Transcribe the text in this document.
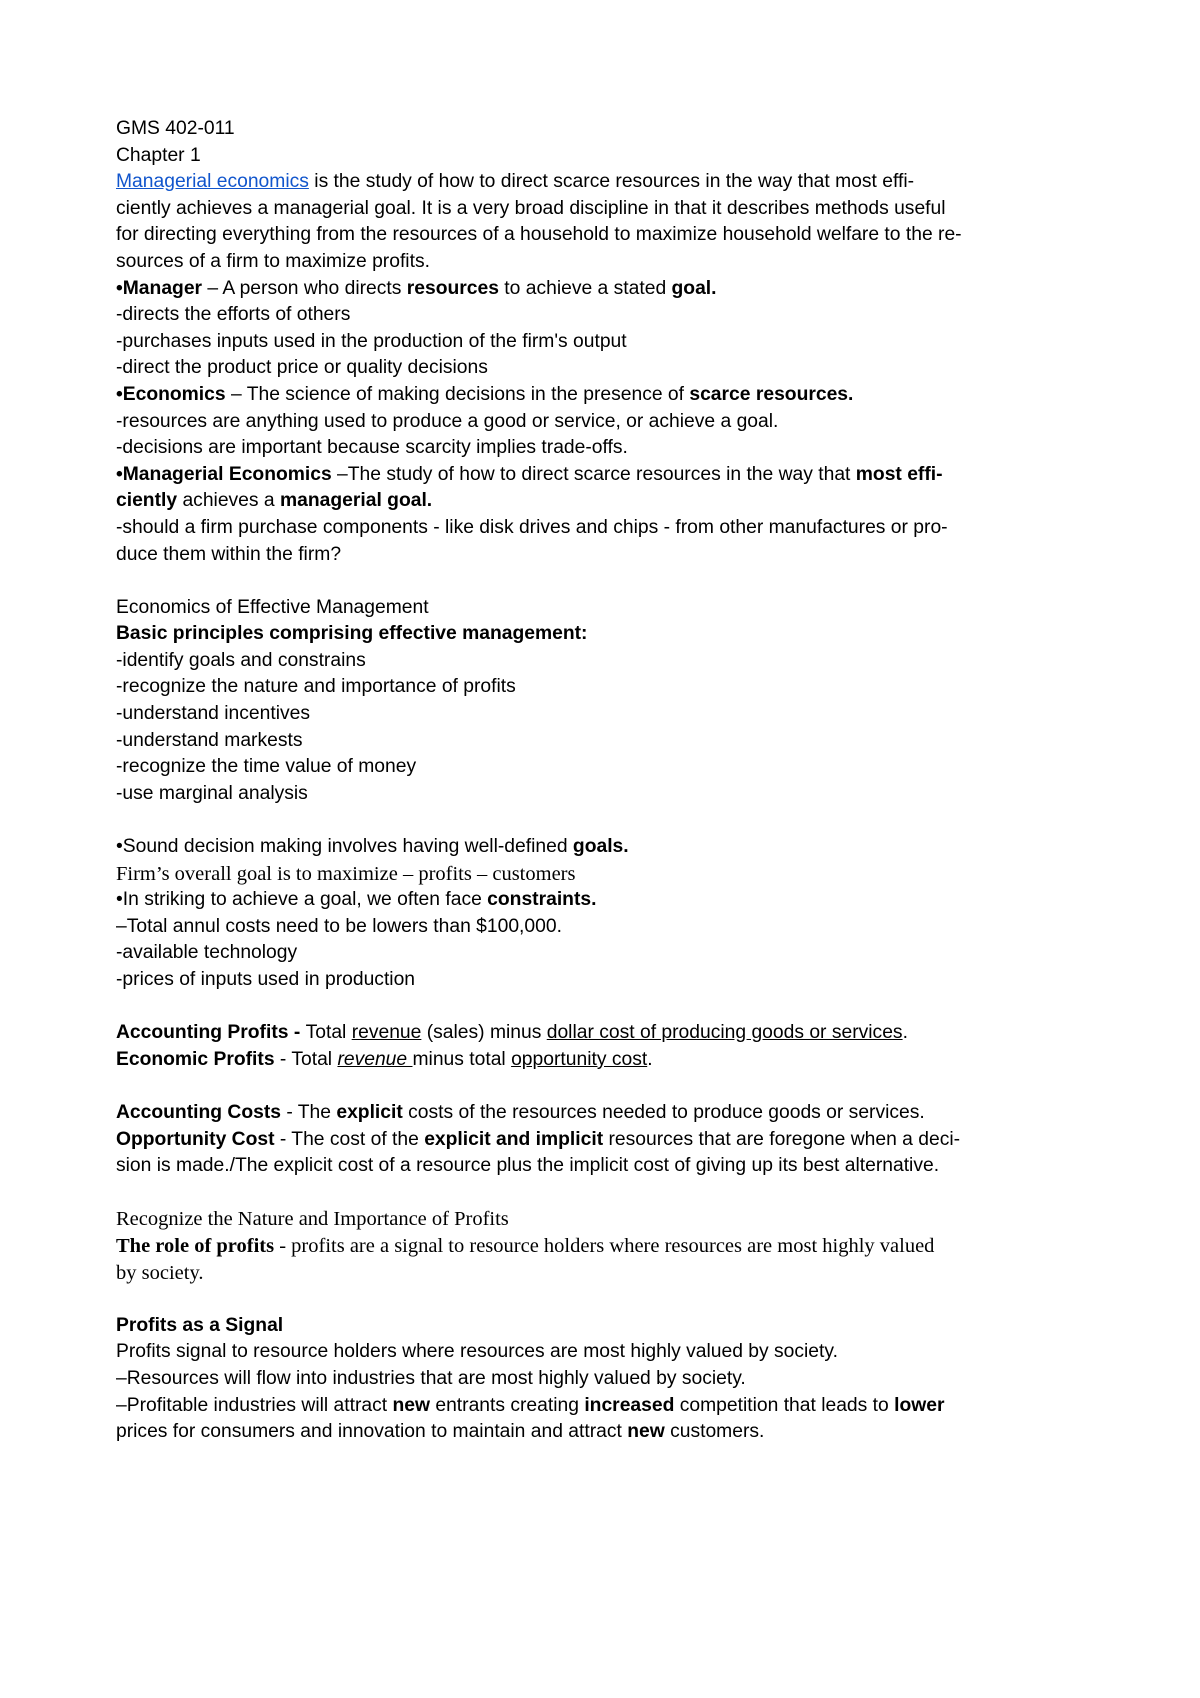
GMS 402-011
Chapter 1
Managerial economics is the study of how to direct scarce resources in the way that most effi-
ciently achieves a managerial goal. It is a very broad discipline in that it describes methods useful
for directing everything from the resources of a household to maximize household welfare to the re-
sources of a firm to maximize profits.
•Manager – A person who directs resources to achieve a stated goal.
-directs the efforts of others
-purchases inputs used in the production of the firm's output
-direct the product price or quality decisions
•Economics – The science of making decisions in the presence of scarce resources.
-resources are anything used to produce a good or service, or achieve a goal.
-decisions are important because scarcity implies trade-offs.
•Managerial Economics –The study of how to direct scarce resources in the way that most effi-
ciently achieves a managerial goal.
-should a firm purchase components - like disk drives and chips - from other manufactures or pro-
duce them within the firm?
Economics of Effective Management
Basic principles comprising effective management:
-identify goals and constrains
-recognize the nature and importance of profits
-understand incentives
-understand markests
-recognize the time value of money
-use marginal analysis
•Sound decision making involves having well-defined goals.
Firm’s overall goal is to maximize – profits – customers
•In striking to achieve a goal, we often face constraints.
–Total annul costs need to be lowers than $100,000.
-available technology
-prices of inputs used in production
Accounting Profits - Total revenue (sales) minus dollar cost of producing goods or services.
Economic Profits - Total revenue minus total opportunity cost.
Accounting Costs - The explicit costs of the resources needed to produce goods or services.
Opportunity Cost - The cost of the explicit and implicit resources that are foregone when a deci-
sion is made./The explicit cost of a resource plus the implicit cost of giving up its best alternative.
Recognize the Nature and Importance of Profits
The role of profits - profits are a signal to resource holders where resources are most highly valued
by society.
Profits as a Signal
Profits signal to resource holders where resources are most highly valued by society.
–Resources will flow into industries that are most highly valued by society.
–Profitable industries will attract new entrants creating increased competition that leads to lower
prices for consumers and innovation to maintain and attract new customers.
